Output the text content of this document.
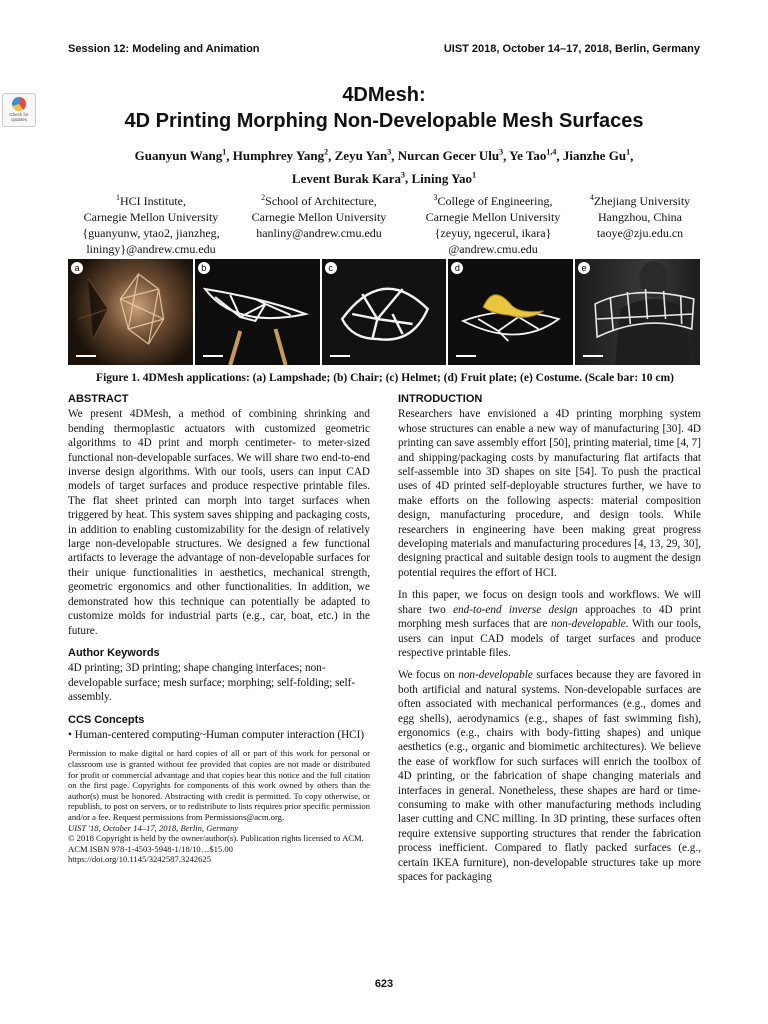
Session 12: Modeling and Animation	UIST 2018, October 14–17, 2018, Berlin, Germany
Check for updates
4DMesh:
4D Printing Morphing Non-Developable Mesh Surfaces
Guanyun Wang$^1$, Humphrey Yang$^2$, Zeyu Yan$^3$, Nurcan Gecer Ulu$^3$, Ye Tao$^{1,4}$, Jianzhe Gu$^1$,
Levent Burak Kara$^3$, Lining Yao$^1$
$^1$HCI Institute,
Carnegie Mellon University
{guanyunw, ytao2, jianzheg,
liningy}@andrew.cmu.edu
$^2$School of Architecture,
Carnegie Mellon University
hanliny@andrew.cmu.edu
$^3$College of Engineering,
Carnegie Mellon University
{zeyuy, ngecerul, ikara}
@andrew.cmu.edu
$^4$Zhejiang University
Hangzhou, China
taoye@zju.edu.cn
a	b	c	d	e
Figure 1. 4DMesh applications: (a) Lampshade; (b) Chair; (c) Helmet; (d) Fruit plate; (e) Costume. (Scale bar: 10 cm)
ABSTRACT

We present 4DMesh, a method of combining shrinking and bending thermoplastic actuators with customized geometric algorithms to 4D print and morph centimeter- to meter-sized functional non-developable surfaces. We will share two end-to-end inverse design algorithms. With our tools, users can input CAD models of target surfaces and produce respective printable files. The flat sheet printed can morph into target surfaces when triggered by heat. This system saves shipping and packaging costs, in addition to enabling customizability for the design of relatively large non-developable structures. We designed a few functional artifacts to leverage the advantage of non-developable surfaces for their unique functionalities in aesthetics, mechanical strength, geometric ergonomics and other functionalities. In addition, we demonstrated how this technique can potentially be adapted to customize molds for industrial parts (e.g., car, boat, etc.) in the future.

Author Keywords

4D printing; 3D printing; shape changing interfaces; non-developable surface; mesh surface; morphing; self-folding; self-assembly.

CCS Concepts

• Human-centered computing~Human computer interaction (HCI)

Permission to make digital or hard copies of all or part of this work for personal or classroom use is granted without fee provided that copies are not made or distributed for profit or commercial advantage and that copies bear this notice and the full citation on the first page. Copyrights for components of this work owned by others than the author(s) must be honored. Abstracting with credit is permitted. To copy otherwise, or republish, to post on servers, or to redistribute to lists requires prior specific permission and/or a fee. Request permissions from Permissions@acm.org.

UIST '18, October 14–17, 2018, Berlin, Germany

© 2018 Copyright is held by the owner/author(s). Publication rights licensed to ACM.

ACM ISBN 978-1-4503-5948-1/18/10…$15.00

https://doi.org/10.1145/3242587.3242625

INTRODUCTION

Researchers have envisioned a 4D printing morphing system whose structures can enable a new way of manufacturing [30]. 4D printing can save assembly effort [50], printing material, time [4, 7] and shipping/packaging costs by manufacturing flat artifacts that self-assemble into 3D shapes on site [54]. To push the practical uses of 4D printed self-deployable structures further, we have to make efforts on the following aspects: material composition design, manufacturing procedure, and design tools. While researchers in engineering have been making great progress developing materials and manufacturing procedures [4, 13, 29, 30], designing practical and suitable design tools to augment the design potential requires the effort of HCI.

In this paper, we focus on design tools and workflows. We will share two end-to-end inverse design approaches to 4D print morphing mesh surfaces that are non-developable. With our tools, users can input CAD models of target surfaces and produce respective printable files.

We focus on non-developable surfaces because they are favored in both artificial and natural systems. Non-developable surfaces are often associated with mechanical performances (e.g., domes and egg shells), aerodynamics (e.g., shapes of fast swimming fish), ergonomics (e.g., chairs with body-fitting shapes) and unique aesthetics (e.g., organic and biomimetic architectures). We believe the ease of workflow for such surfaces will enrich the toolbox of 4D printing, or the fabrication of shape changing materials and interfaces in general. Nonetheless, these shapes are hard or time-consuming to make with other manufacturing methods including laser cutting and CNC milling. In 3D printing, these surfaces often require extensive supporting structures that render the fabrication process inefficient. Compared to flatly packed surfaces (e.g., certain IKEA furniture), non-developable structures take up more spaces for packaging

623
